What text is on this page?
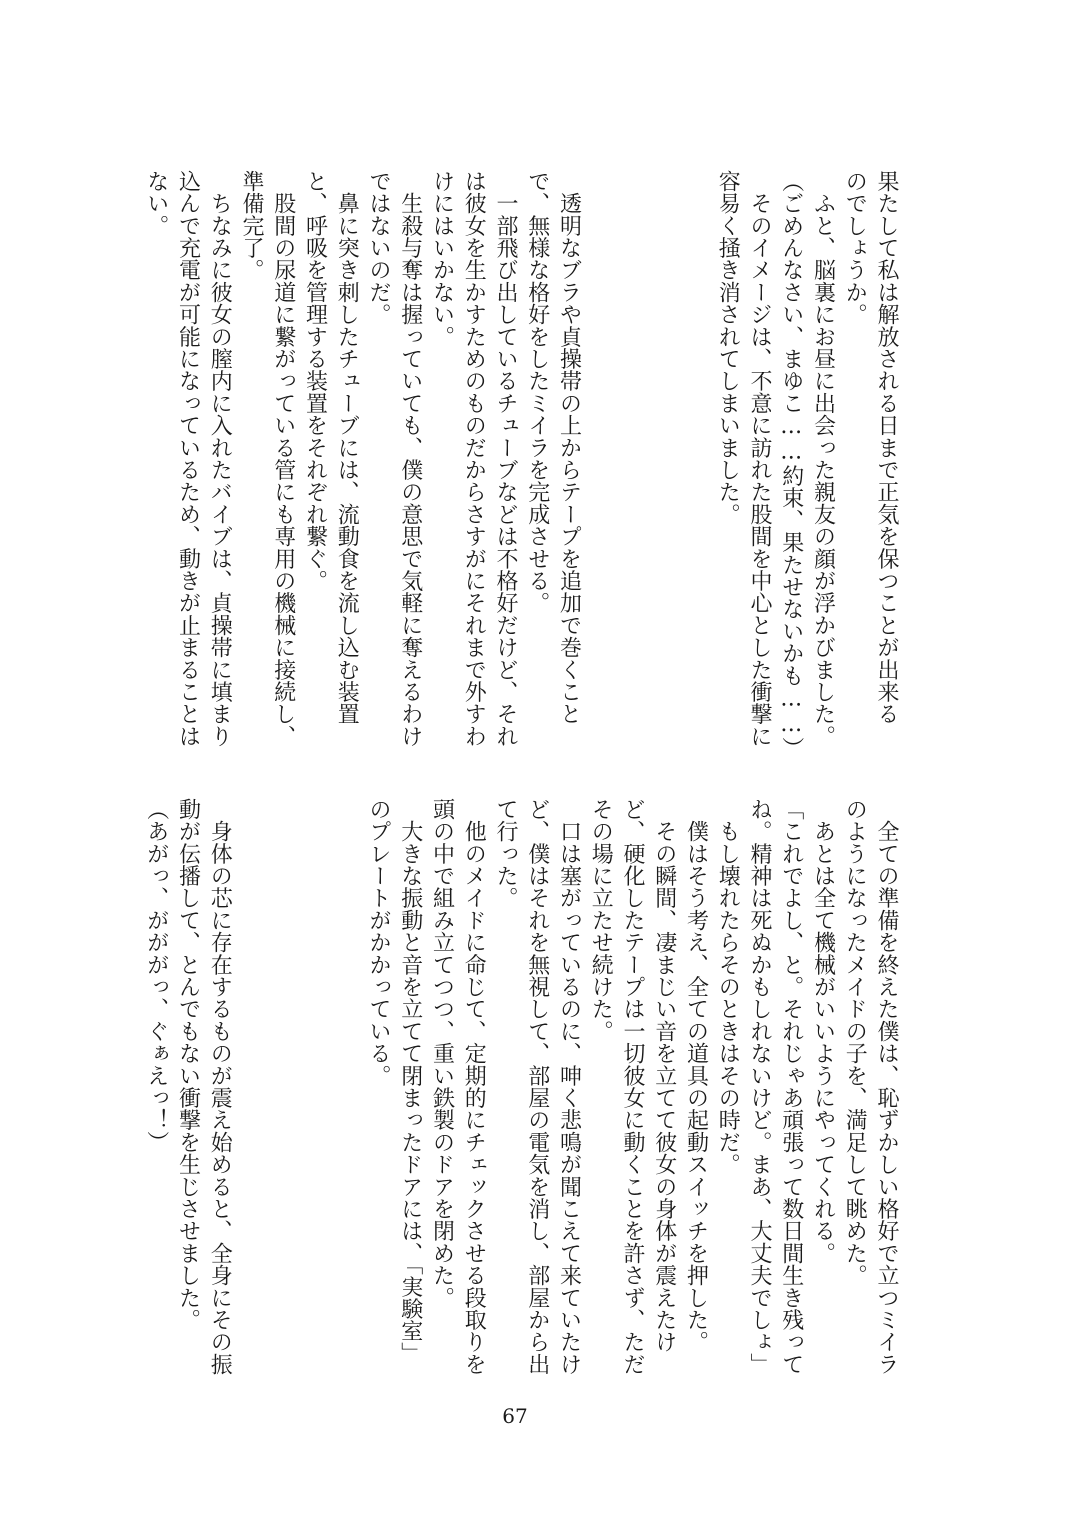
果たして私は解放される日まで正気を保つことが出来る
のでしょうか。
　ふと、脳裏にお昼に出会った親友の顔が浮かびました。
（ごめんなさい、まゆこ……約束、果たせないかも……）
　そのイメージは、不意に訪れた股間を中心とした衝撃に
容易く掻き消されてしまいました。
　透明なブラや貞操帯の上からテープを追加で巻くこと
で、無様な格好をしたミイラを完成させる。
　一部飛び出しているチューブなどは不格好だけど、それ
は彼女を生かすためのものだからさすがにそれまで外すわ
けにはいかない。
　生殺与奪は握っていても、僕の意思で気軽に奪えるわけ
ではないのだ。
　鼻に突き刺したチューブには、流動食を流し込む装置
と、呼吸を管理する装置をそれぞれ繋ぐ。
　股間の尿道に繋がっている管にも専用の機械に接続し、
準備完了。
　ちなみに彼女の膣内に入れたバイブは、貞操帯に填まり
込んで充電が可能になっているため、動きが止まることは
ない。
　全ての準備を終えた僕は、恥ずかしい格好で立つミイラ
のようになったメイドの子を、満足して眺めた。
　あとは全て機械がいいようにやってくれる。
「これでよし、と。それじゃあ頑張って数日間生き残って
ね。精神は死ぬかもしれないけど。まあ、大丈夫でしょ」
　もし壊れたらそのときはその時だ。
　僕はそう考え、全ての道具の起動スイッチを押した。
　その瞬間、凄まじい音を立てて彼女の身体が震えたけ
ど、硬化したテープは一切彼女に動くことを許さず、ただ
その場に立たせ続けた。
　口は塞がっているのに、呻く悲鳴が聞こえて来ていたけ
ど、僕はそれを無視して、部屋の電気を消し、部屋から出
て行った。
　他のメイドに命じて、定期的にチェックさせる段取りを
頭の中で組み立てつつ、重い鉄製のドアを閉めた。
　大きな振動と音を立てて閉まったドアには、「実験室」
のプレートがかかっている。
　身体の芯に存在するものが震え始めると、全身にその振
動が伝播して、とんでもない衝撃を生じさせました。
（あがっ、がががっ、ぐぁえっ！）
67
